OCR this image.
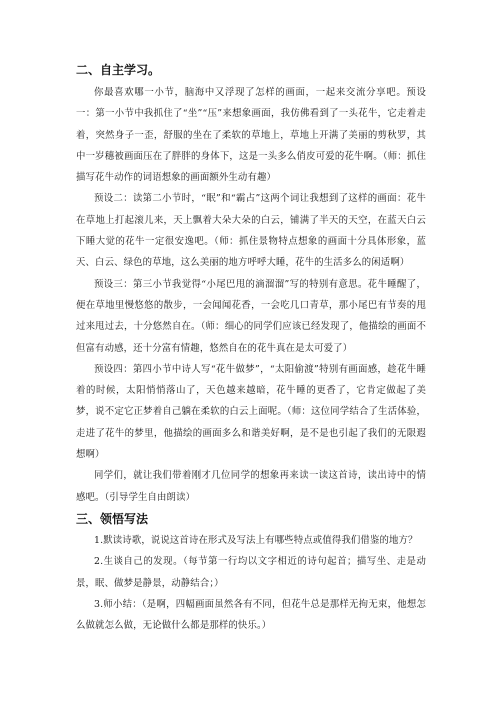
二、自主学习。

你最喜欢哪一小节，脑海中又浮现了怎样的画面，一起来交流分享吧。预设一：第一小节中我抓住了“坐”“压”来想象画面，我仿佛看到了一头花牛，它走着走着，突然身子一歪，舒服的坐在了柔软的草地上，草地上开满了美丽的剪秋罗，其中一岁穗被画面压在了胖胖的身体下，这是一头多么俏皮可爱的花牛啊。（师：抓住描写花牛动作的词语想象的画面额外生动有趣）

预设二：读第二小节时，“眠”和“霸占”这两个词让我想到了这样的画面：花牛在草地上打起滚儿来，天上飘着大朵大朵的白云，铺满了半天的天空，在蓝天白云下睡大觉的花牛一定很安逸吧。（师：抓住景物特点想象的画面十分具体形象，蓝天、白云、绿色的草地，这么美丽的地方呼呼大睡，花牛的生活多么的闲适啊）

预设三：第三小节我觉得“小尾巴甩的滴溜溜”写的特别有意思。花牛睡醒了，便在草地里慢悠悠的散步，一会闻闻花香，一会吃几口青草，那小尾巴有节奏的甩过来甩过去，十分悠然自在。（师：细心的同学们应该已经发现了，他描绘的画面不但富有动感，还十分富有情趣，悠然自在的花牛真在是太可爱了）

预设四：第四小节中诗人写“花牛做梦”，“太阳偷渡”特别有画面感，趁花牛睡着的时候，太阳悄悄落山了，天色越来越暗，花牛睡的更香了，它肯定做起了美梦，说不定它正梦着自己躺在柔软的白云上面呢。（师：这位同学结合了生活体验，走进了花牛的梦里，他描绘的画面多么和谐美好啊，是不是也引起了我们的无限遐想啊）

同学们，就让我们带着刚才几位同学的想象再来读一读这首诗，读出诗中的情感吧。（引导学生自由朗读）

三、领悟写法

1.默读诗歌，说说这首诗在形式及写法上有哪些特点或值得我们借鉴的地方？

2.生谈自己的发现。（每节第一行均以文字相近的诗句起首；描写坐、走是动景，眠、做梦是静景，动静结合；）

3.师小结：（是啊，四幅画面虽然各有不同，但花牛总是那样无拘无束，他想怎么做就怎么做，无论做什么都是那样的快乐。）
